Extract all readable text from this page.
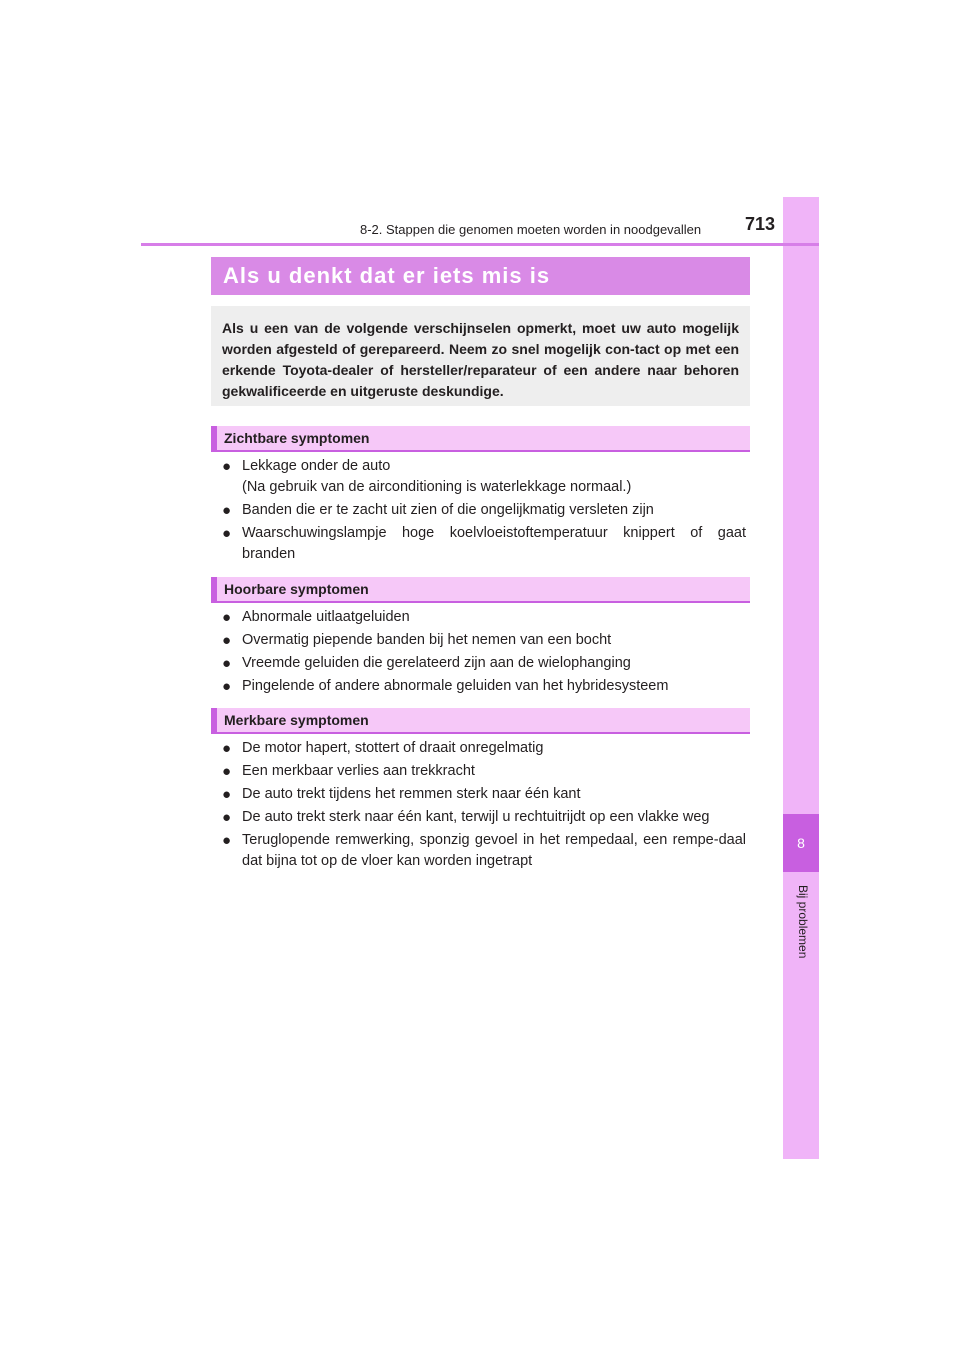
8
Bij problemen
8-2. Stappen die genomen moeten worden in noodgevallen	713
Als u denkt dat er iets mis is
Als u een van de volgende verschijnselen opmerkt, moet uw auto mogelijk worden afgesteld of gerepareerd. Neem zo snel mogelijk con-tact op met een erkende Toyota-dealer of hersteller/reparateur of een andere naar behoren gekwalificeerde en uitgeruste deskundige.
Zichtbare symptomen
● Lekkage onder de auto
(Na gebruik van de airconditioning is waterlekkage normaal.)
● Banden die er te zacht uit zien of die ongelijkmatig versleten zijn
● Waarschuwingslampje hoge koelvloeistoftemperatuur knippert of gaat branden
Hoorbare symptomen
● Abnormale uitlaatgeluiden
● Overmatig piepende banden bij het nemen van een bocht
● Vreemde geluiden die gerelateerd zijn aan de wielophanging
● Pingelende of andere abnormale geluiden van het hybridesysteem
Merkbare symptomen
● De motor hapert, stottert of draait onregelmatig
● Een merkbaar verlies aan trekkracht
● De auto trekt tijdens het remmen sterk naar één kant
● De auto trekt sterk naar één kant, terwijl u rechtuitrijdt op een vlakke weg
● Teruglopende remwerking, sponzig gevoel in het rempedaal, een rempe-daal dat bijna tot op de vloer kan worden ingetrapt
